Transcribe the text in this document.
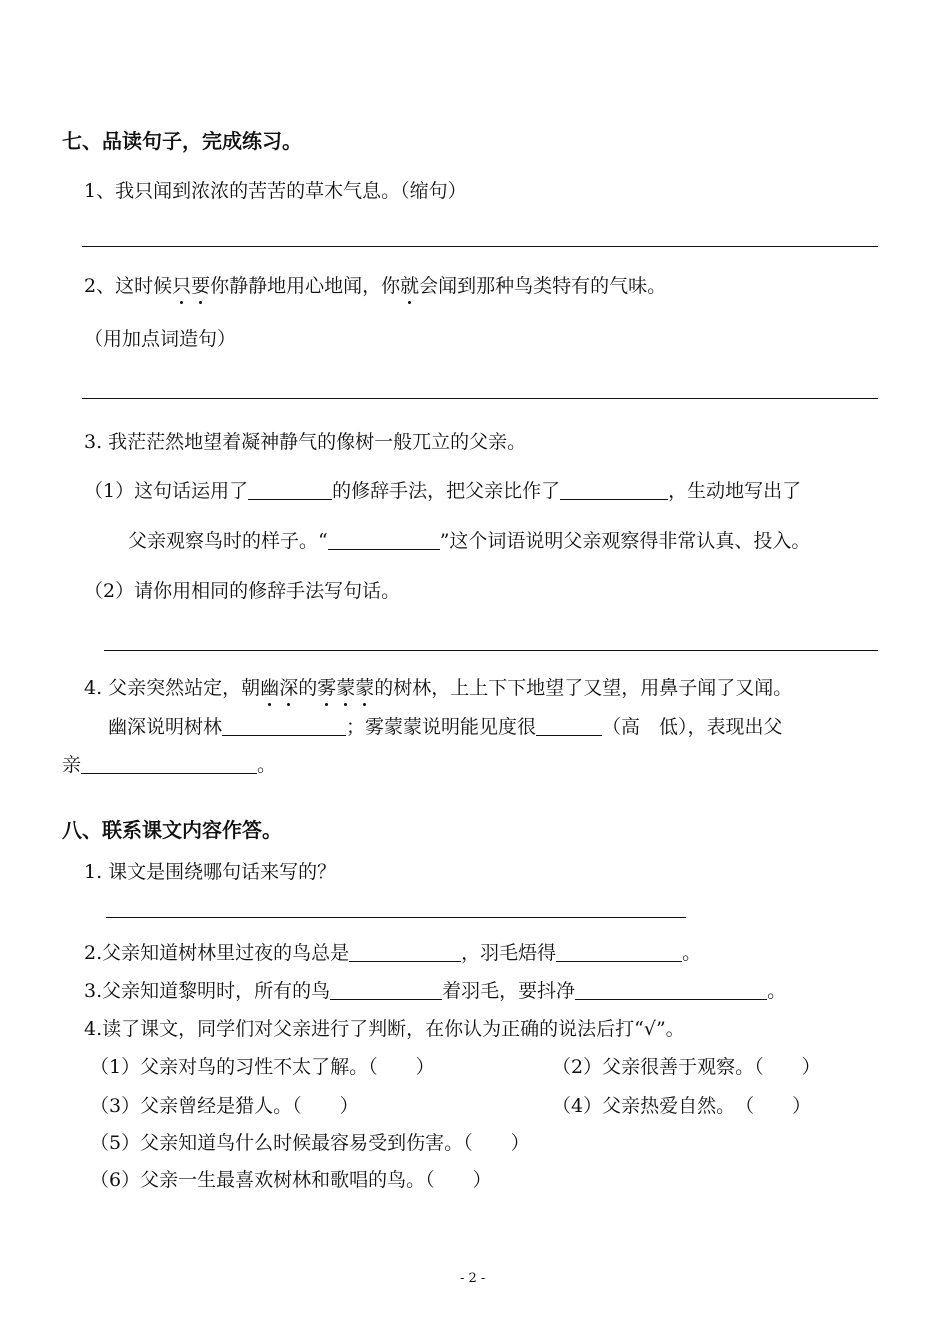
七、品读句子，完成练习。
1、我只闻到浓浓的苦苦的草木气息。（缩句）
2、这时候只要你静静地用心地闻，你就会闻到那种鸟类特有的气味。
（用加点词造句）
3. 我茫茫然地望着凝神静气的像树一般兀立的父亲。
（1）这句话运用了	的修辞手法，把父亲比作了	，生动地写出了
父亲观察鸟时的样子。“	”这个词语说明父亲观察得非常认真、投入。
（2）请你用相同的修辞手法写句话。
4. 父亲突然站定，朝幽深的雾蒙蒙的树林，上上下下地望了又望，用鼻子闻了又闻。
幽深说明树林	；雾蒙蒙说明能见度很	（高　低），表现出父
亲	。
八、联系课文内容作答。
1. 课文是围绕哪句话来写的？
2.父亲知道树林里过夜的鸟总是	，羽毛焐得	。
3.父亲知道黎明时，所有的鸟	着羽毛，要抖净	。
4.读了课文，同学们对父亲进行了判断，在你认为正确的说法后打“√”。
（1）父亲对鸟的习性不太了解。（　　）	（2）父亲很善于观察。（　　）
（3）父亲曾经是猎人。（　　）	（4）父亲热爱自然。　（　　）
（5）父亲知道鸟什么时候最容易受到伤害。（　　）
（6）父亲一生最喜欢树林和歌唱的鸟。（　　）
- 2 -
